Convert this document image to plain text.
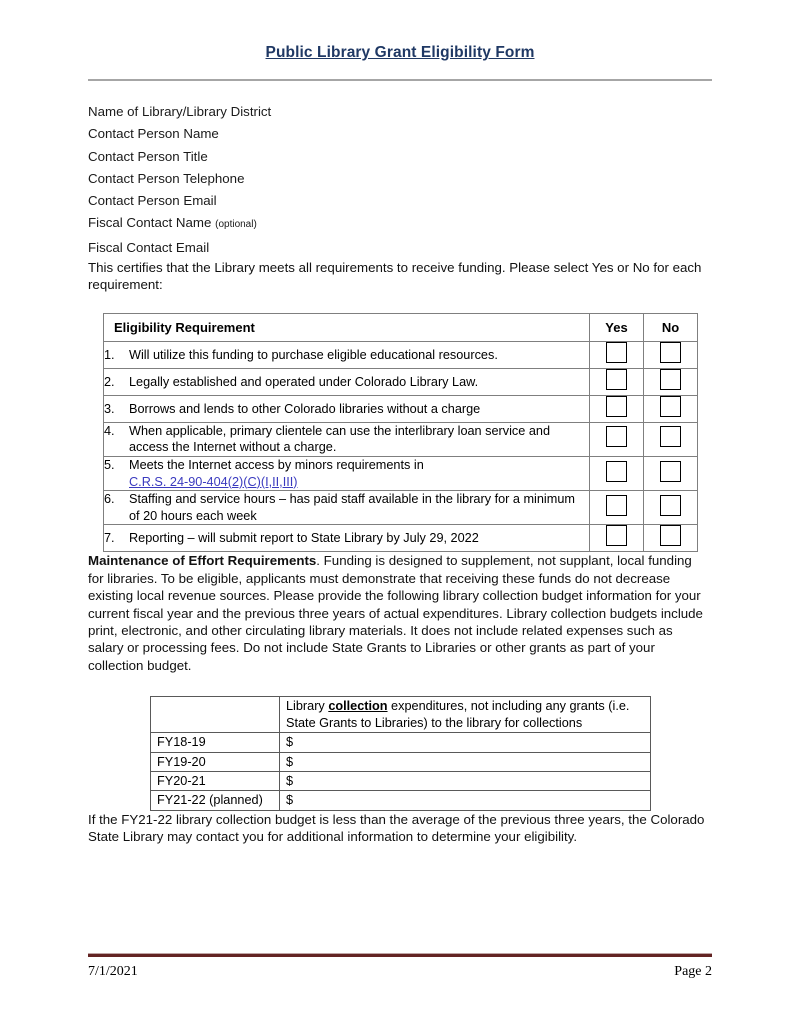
Public Library Grant Eligibility Form
Name of Library/Library District
Contact Person Name
Contact Person Title
Contact Person Telephone
Contact Person Email
Fiscal Contact Name (optional)
Fiscal Contact Email

This certifies that the Library meets all requirements to receive funding. Please select Yes or No for each requirement:

Eligibility Requirement	Yes	No

1. Will utilize this funding to purchase eligible educational resources.		

2. Legally established and operated under Colorado Library Law.		

3. Borrows and lends to other Colorado libraries without a charge		

4. When applicable, primary clientele can use the interlibrary loan service and access the Internet without a charge.		

5. Meets the Internet access by minors requirements in
C.R.S. 24-90-404(2)(C)(I,II,III)		

6. Staffing and service hours – has paid staff available in the library for a minimum of 20 hours each week		

7. Reporting – will submit report to State Library by July 29, 2022		

Maintenance of Effort Requirements. Funding is designed to supplement, not supplant, local funding for libraries. To be eligible, applicants must demonstrate that receiving these funds do not decrease existing local revenue sources. Please provide the following library collection budget information for your current fiscal year and the previous three years of actual expenditures. Library collection budgets include print, electronic, and other circulating library materials. It does not include related expenses such as salary or processing fees. Do not include State Grants to Libraries or other grants as part of your collection budget.

	Library collection expenditures, not including any grants (i.e. State Grants to Libraries) to the library for collections
FY18-19	$
FY19-20	$
FY20-21	$
FY21-22 (planned)	$

If the FY21-22 library collection budget is less than the average of the previous three years, the Colorado State Library may contact you for additional information to determine your eligibility.

7/1/2021	Page 2
